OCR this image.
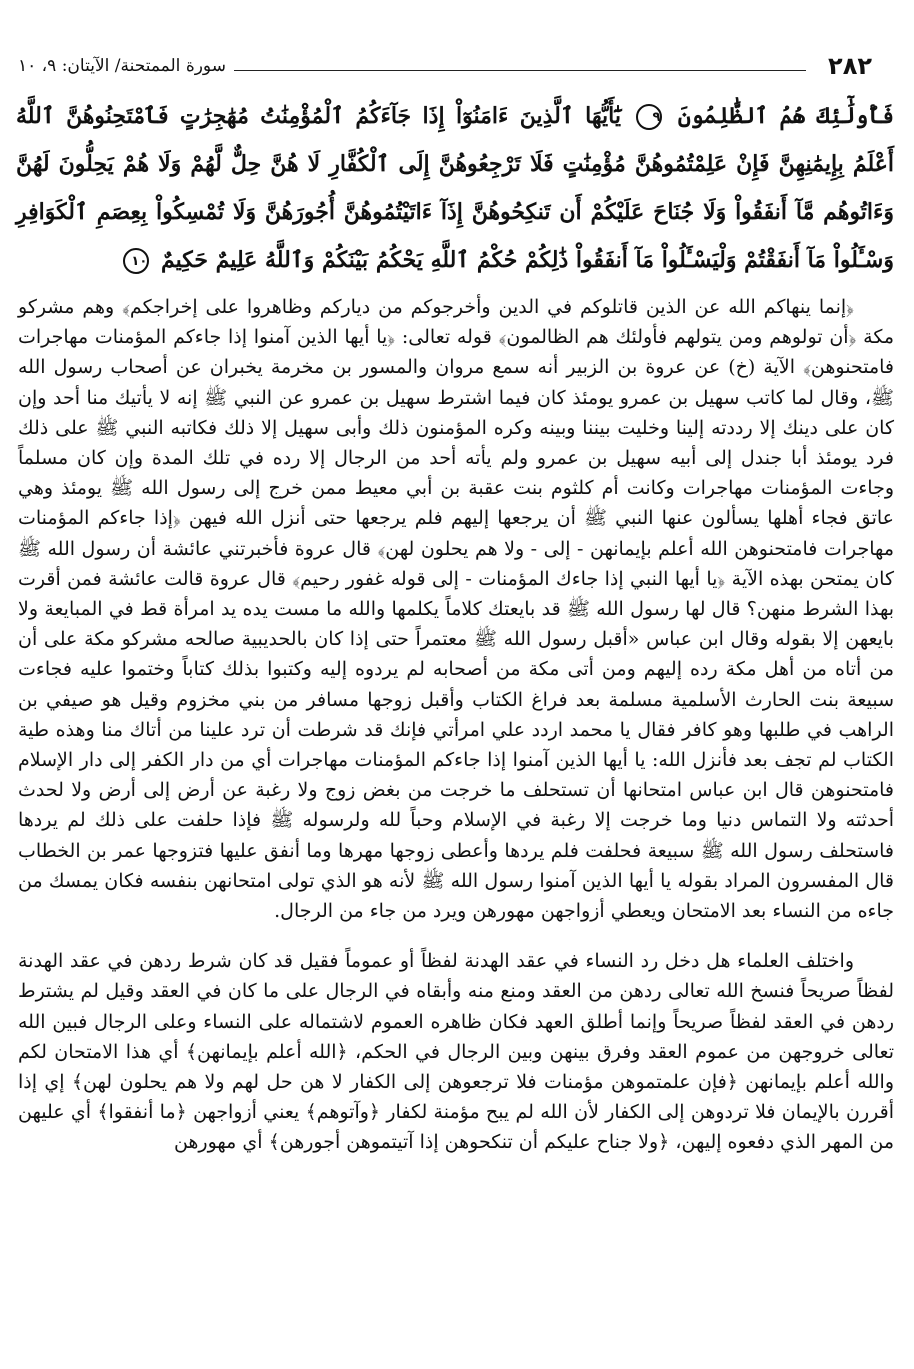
٢٨٢
سورة الممتحنة/ الآيتان: ٩، ١٠
فَأُولَٰٓئِكَ هُمُ ٱلظَّٰلِمُونَ ٩ يَٰٓأَيُّهَا ٱلَّذِينَ ءَامَنُوٓاْ إِذَا جَآءَكُمُ ٱلْمُؤْمِنَٰتُ مُهَٰجِرَٰتٍ فَٱمْتَحِنُوهُنَّ ٱللَّهُ أَعْلَمُ بِإِيمَٰنِهِنَّ فَإِنْ عَلِمْتُمُوهُنَّ مُؤْمِنَٰتٍ فَلَا تَرْجِعُوهُنَّ إِلَى ٱلْكُفَّارِ لَا هُنَّ حِلٌّ لَّهُمْ وَلَا هُمْ يَحِلُّونَ لَهُنَّ وَءَاتُوهُم مَّآ أَنفَقُواْ وَلَا جُنَاحَ عَلَيْكُمْ أَن تَنكِحُوهُنَّ إِذَآ ءَاتَيْتُمُوهُنَّ أُجُورَهُنَّ وَلَا تُمْسِكُواْ بِعِصَمِ ٱلْكَوَافِرِ وَسْـَٔلُواْ مَآ أَنفَقْتُمْ وَلْيَسْـَٔلُواْ مَآ أَنفَقُواْ ذَٰلِكُمْ حُكْمُ ٱللَّهِ يَحْكُمُ بَيْنَكُمْ وَٱللَّهُ عَلِيمٌ حَكِيمٌ ١٠

﴿إنما ينهاكم الله عن الذين قاتلوكم في الدين وأخرجوكم من دياركم وظاهروا على إخراجكم﴾ وهم مشركو مكة ﴿أن تولوهم ومن يتولهم فأولئك هم الظالمون﴾ قوله تعالى: ﴿يا أيها الذين آمنوا إذا جاءكم المؤمنات مهاجرات فامتحنوهن﴾ الآية (خ) عن عروة بن الزبير أنه سمع مروان والمسور بن مخرمة يخبران عن أصحاب رسول الله ﷺ، وقال لما كاتب سهيل بن عمرو يومئذ كان فيما اشترط سهيل بن عمرو عن النبي ﷺ إنه لا يأتيك منا أحد وإن كان على دينك إلا رددته إلينا وخليت بيننا وبينه وكره المؤمنون ذلك وأبى سهيل إلا ذلك فكاتبه النبي ﷺ على ذلك فرد يومئذ أبا جندل إلى أبيه سهيل بن عمرو ولم يأته أحد من الرجال إلا رده في تلك المدة وإن كان مسلماً وجاءت المؤمنات مهاجرات وكانت أم كلثوم بنت عقبة بن أبي معيط ممن خرج إلى رسول الله ﷺ يومئذ وهي عاتق فجاء أهلها يسألون عنها النبي ﷺ أن يرجعها إليهم فلم يرجعها حتى أنزل الله فيهن ﴿إذا جاءكم المؤمنات مهاجرات فامتحنوهن الله أعلم بإيمانهن - إلى - ولا هم يحلون لهن﴾ قال عروة فأخبرتني عائشة أن رسول الله ﷺ كان يمتحن بهذه الآية ﴿يا أيها النبي إذا جاءك المؤمنات - إلى قوله غفور رحيم﴾ قال عروة قالت عائشة فمن أقرت بهذا الشرط منهن؟ قال لها رسول الله ﷺ قد بايعتك كلاماً يكلمها والله ما مست يده يد امرأة قط في المبايعة ولا بايعهن إلا بقوله وقال ابن عباس «أقبل رسول الله ﷺ معتمراً حتى إذا كان بالحديبية صالحه مشركو مكة على أن من أتاه من أهل مكة رده إليهم ومن أتى مكة من أصحابه لم يردوه إليه وكتبوا بذلك كتاباً وختموا عليه فجاءت سبيعة بنت الحارث الأسلمية مسلمة بعد فراغ الكتاب وأقبل زوجها مسافر من بني مخزوم وقيل هو صيفي بن الراهب في طلبها وهو كافر فقال يا محمد اردد علي امرأتي فإنك قد شرطت أن ترد علينا من أتاك منا وهذه طية الكتاب لم تجف بعد فأنزل الله: يا أيها الذين آمنوا إذا جاءكم المؤمنات مهاجرات أي من دار الكفر إلى دار الإسلام فامتحنوهن قال ابن عباس امتحانها أن تستحلف ما خرجت من بغض زوج ولا رغبة عن أرض إلى أرض ولا لحدث أحدثته ولا التماس دنيا وما خرجت إلا رغبة في الإسلام وحباً لله ولرسوله ﷺ فإذا حلفت على ذلك لم يردها فاستحلف رسول الله ﷺ سبيعة فحلفت فلم يردها وأعطى زوجها مهرها وما أنفق عليها فتزوجها عمر بن الخطاب قال المفسرون المراد بقوله يا أيها الذين آمنوا رسول الله ﷺ لأنه هو الذي تولى امتحانهن بنفسه فكان يمسك من جاءه من النساء بعد الامتحان ويعطي أزواجهن مهورهن ويرد من جاء من الرجال.

واختلف العلماء هل دخل رد النساء في عقد الهدنة لفظاً أو عموماً فقيل قد كان شرط ردهن في عقد الهدنة لفظاً صريحاً فنسخ الله تعالى ردهن من العقد ومنع منه وأبقاه في الرجال على ما كان في العقد وقيل لم يشترط ردهن في العقد لفظاً صريحاً وإنما أطلق العهد فكان ظاهره العموم لاشتماله على النساء وعلى الرجال فبين الله تعالى خروجهن من عموم العقد وفرق بينهن وبين الرجال في الحكم، ﴿الله أعلم بإيمانهن﴾ أي هذا الامتحان لكم والله أعلم بإيمانهن ﴿فإن علمتموهن مؤمنات فلا ترجعوهن إلى الكفار لا هن حل لهم ولا هم يحلون لهن﴾ إي إذا أقررن بالإيمان فلا تردوهن إلى الكفار لأن الله لم يبح مؤمنة لكفار ﴿وآتوهم﴾ يعني أزواجهن ﴿ما أنفقوا﴾ أي عليهن من المهر الذي دفعوه إليهن، ﴿ولا جناح عليكم أن تنكحوهن إذا آتيتموهن أجورهن﴾ أي مهورهن
